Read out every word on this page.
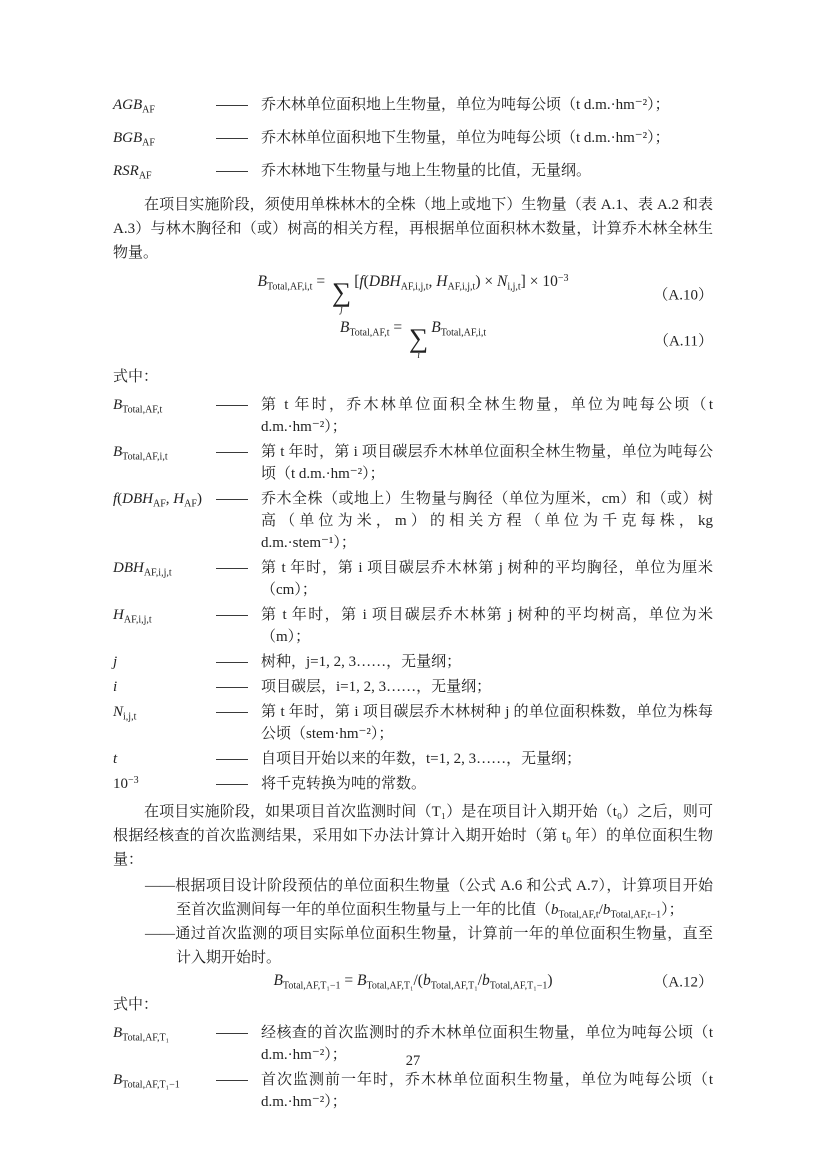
$AGB_{AF}$	乔木林单位面积地上生物量，单位为吨每公顷（t d.m.·hm⁻²）；
$BGB_{AF}$	乔木林单位面积地下生物量，单位为吨每公顷（t d.m.·hm⁻²）；
$RSR_{AF}$	乔木林地下生物量与地上生物量的比值，无量纲。

在项目实施阶段，须使用单株林木的全株（地上或地下）生物量（表 A.1、表 A.2 和表 A.3）与林木胸径和（或）树高的相关方程，再根据单位面积林木数量，计算乔木林全林生物量。

$B_{Total,AF,i,t}$ = ∑
j
[$f(DBH_{AF,i,j,t}$, $H_{AF,i,j,t}) \times N_{i,j,t}] \times 10^{-3}$
（A.10）
$B_{Total,AF,t}$ = ∑
i
$B_{Total,AF,i,t}$
（A.11）
式中：
$B_{Total,AF,t}$	第 t 年时，乔木林单位面积全林生物量，单位为吨每公顷（t d.m.·hm⁻²）；
$B_{Total,AF,i,t}$	第 t 年时，第 i 项目碳层乔木林单位面积全林生物量，单位为吨每公顷（t d.m.·hm⁻²）；
$f(DBH_{AF}$, $H_{AF}$)	乔木全株（或地上）生物量与胸径（单位为厘米，cm）和（或）树高（单位为米，m）的相关方程（单位为千克每株，kg d.m.·stem⁻¹）；
$DBH_{AF,i,j,t}$	第 t 年时，第 i 项目碳层乔木林第 j 树种的平均胸径，单位为厘米（cm）；
$H_{AF,i,j,t}$	第 t 年时，第 i 项目碳层乔木林第 j 树种的平均树高，单位为米（m）；
j	树种，j=1, 2, 3……，无量纲；
i	项目碳层，i=1, 2, 3……，无量纲；
$N_{i,j,t}$	第 t 年时，第 i 项目碳层乔木林树种 j 的单位面积株数，单位为株每公顷（stem·hm⁻²）；
t	自项目开始以来的年数，t=1, 2, 3……，无量纲；
$10^{-3}$	将千克转换为吨的常数。

在项目实施阶段，如果项目首次监测时间（T₁）是在项目计入期开始（t₀）之后，则可根据经核查的首次监测结果，采用如下办法计算计入期开始时（第 t₀ 年）的单位面积生物量：

——根据项目设计阶段预估的单位面积生物量（公式 A.6 和公式 A.7），计算项目开始至首次监测间每一年的单位面积生物量与上一年的比值$(b_{Total,AF,t}/b_{Total,AF,t-1})$；
——通过首次监测的项目实际单位面积生物量，计算前一年的单位面积生物量，直至计入期开始时。
$B_{Total,AF,T_1-1} = B_{Total,AF,T_1}/(b_{Total,AF,T_1}/b_{Total,AF,T_1-1})$	（A.12）
式中：
$B_{Total,AF,T_1}$	经核查的首次监测时的乔木林单位面积生物量，单位为吨每公顷（t d.m.·hm⁻²）；
$B_{Total,AF,T_1-1}$	首次监测前一年时，乔木林单位面积生物量，单位为吨每公顷（t d.m.·hm⁻²）；
27
